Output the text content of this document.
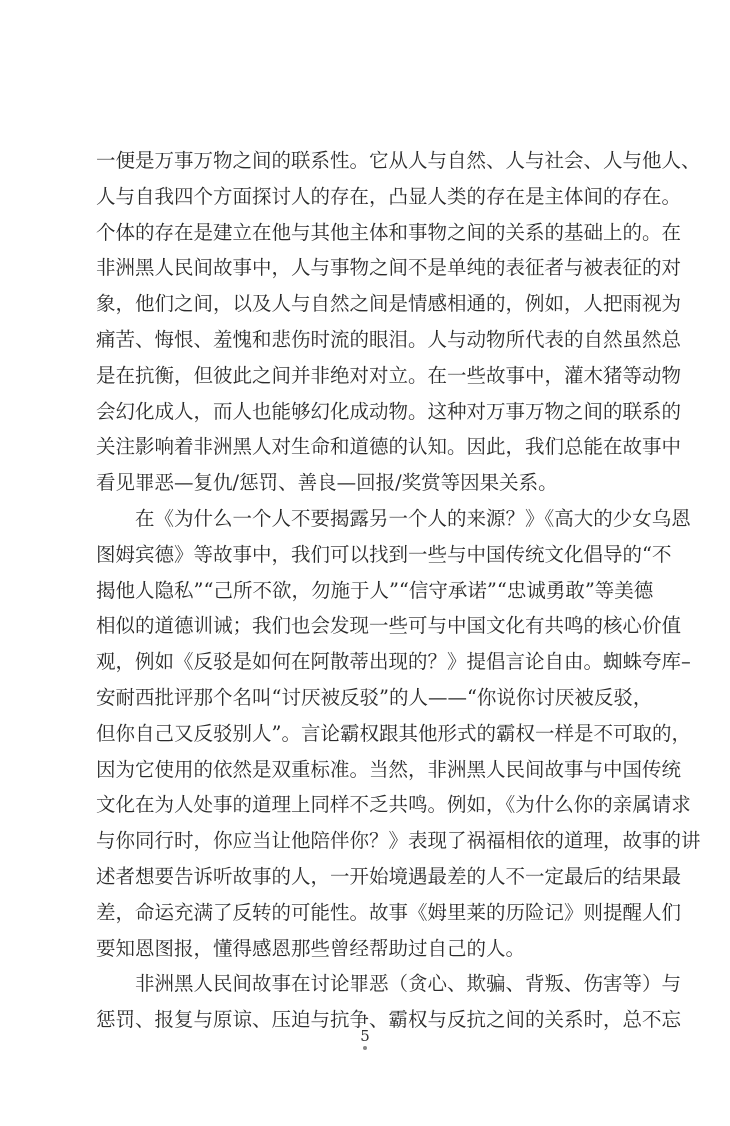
一便是万事万物之间的联系性。它从人与自然、人与社会、人与他人、
人与自我四个方面探讨人的存在，凸显人类的存在是主体间的存在。
个体的存在是建立在他与其他主体和事物之间的关系的基础上的。在
非洲黑人民间故事中，人与事物之间不是单纯的表征者与被表征的对
象，他们之间，以及人与自然之间是情感相通的，例如，人把雨视为
痛苦、悔恨、羞愧和悲伤时流的眼泪。人与动物所代表的自然虽然总
是在抗衡，但彼此之间并非绝对对立。在一些故事中，灌木猪等动物
会幻化成人，而人也能够幻化成动物。这种对万事万物之间的联系的
关注影响着非洲黑人对生命和道德的认知。因此，我们总能在故事中
看见罪恶—复仇/惩罚、善良—回报/奖赏等因果关系。

在《为什么一个人不要揭露另一个人的来源？》《高大的少女乌恩
图姆宾德》等故事中，我们可以找到一些与中国传统文化倡导的“不
揭他人隐私”“己所不欲，勿施于人”“信守承诺”“忠诚勇敢”等美德
相似的道德训诫；我们也会发现一些可与中国文化有共鸣的核心价值
观，例如《反驳是如何在阿散蒂出现的？》提倡言论自由。蜘蛛夸库–
安耐西批评那个名叫“讨厌被反驳”的人——“你说你讨厌被反驳，
但你自己又反驳别人”。言论霸权跟其他形式的霸权一样是不可取的，
因为它使用的依然是双重标准。当然，非洲黑人民间故事与中国传统
文化在为人处事的道理上同样不乏共鸣。例如，《为什么你的亲属请求
与你同行时，你应当让他陪伴你？》表现了祸福相依的道理，故事的讲
述者想要告诉听故事的人，一开始境遇最差的人不一定最后的结果最
差，命运充满了反转的可能性。故事《姆里莱的历险记》则提醒人们
要知恩图报，懂得感恩那些曾经帮助过自己的人。

非洲黑人民间故事在讨论罪恶（贪心、欺骗、背叛、伤害等）与
惩罚、报复与原谅、压迫与抗争、霸权与反抗之间的关系时，总不忘

5
